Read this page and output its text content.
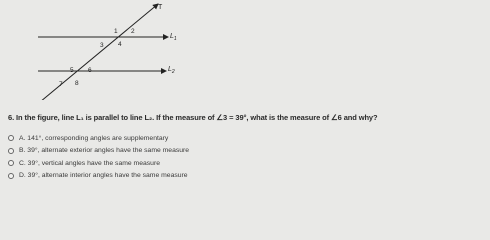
T
$L_1$
$L_2$
1 2
3 4
5 6
7 8
6. In the figure, line L₁ is parallel to line L₂. If the measure of ∠3 = 39°, what is the measure of ∠6 and why?
A. 141°, corresponding angles are supplementary
B. 39°, alternate exterior angles have the same measure
C. 39°, vertical angles have the same measure
D. 39°, alternate interior angles have the same measure
